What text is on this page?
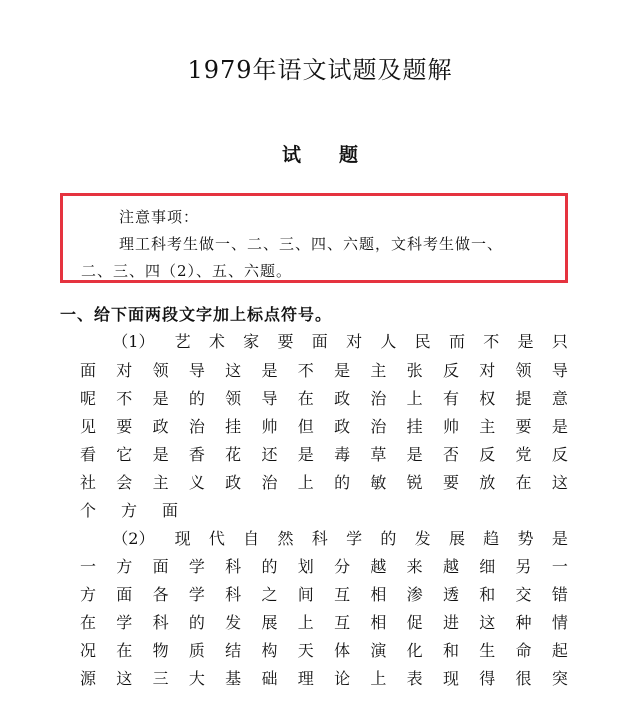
1979年语文试题及题解
试　　题
注意事项：
理工科考生做一、二、三、四、六题，文科考生做一、
二、三、四（2）、五、六题。
一、给下面两段文字加上标点符号。
（1） 艺 术 家 要 面 对 人 民 而 不 是 只
面 对 领 导 这 是 不 是 主 张 反 对 领 导
呢 不 是 的 领 导 在 政 治 上 有 权 提 意
见 要 政 治 挂 帅 但 政 治 挂 帅 主 要 是
看 它 是 香 花 还 是 毒 草 是 否 反 党 反
社 会 主 义 政 治 上 的 敏 锐 要 放 在 这
个 方 面
（2） 现 代 自 然 科 学 的 发 展 趋 势 是
一 方 面 学 科 的 划 分 越 来 越 细 另 一
方 面 各 学 科 之 间 互 相 渗 透 和 交 错
在 学 科 的 发 展 上 互 相 促 进 这 种 情
况 在 物 质 结 构 天 体 演 化 和 生 命 起
源 这 三 大 基 础 理 论 上 表 现 得 很 突
